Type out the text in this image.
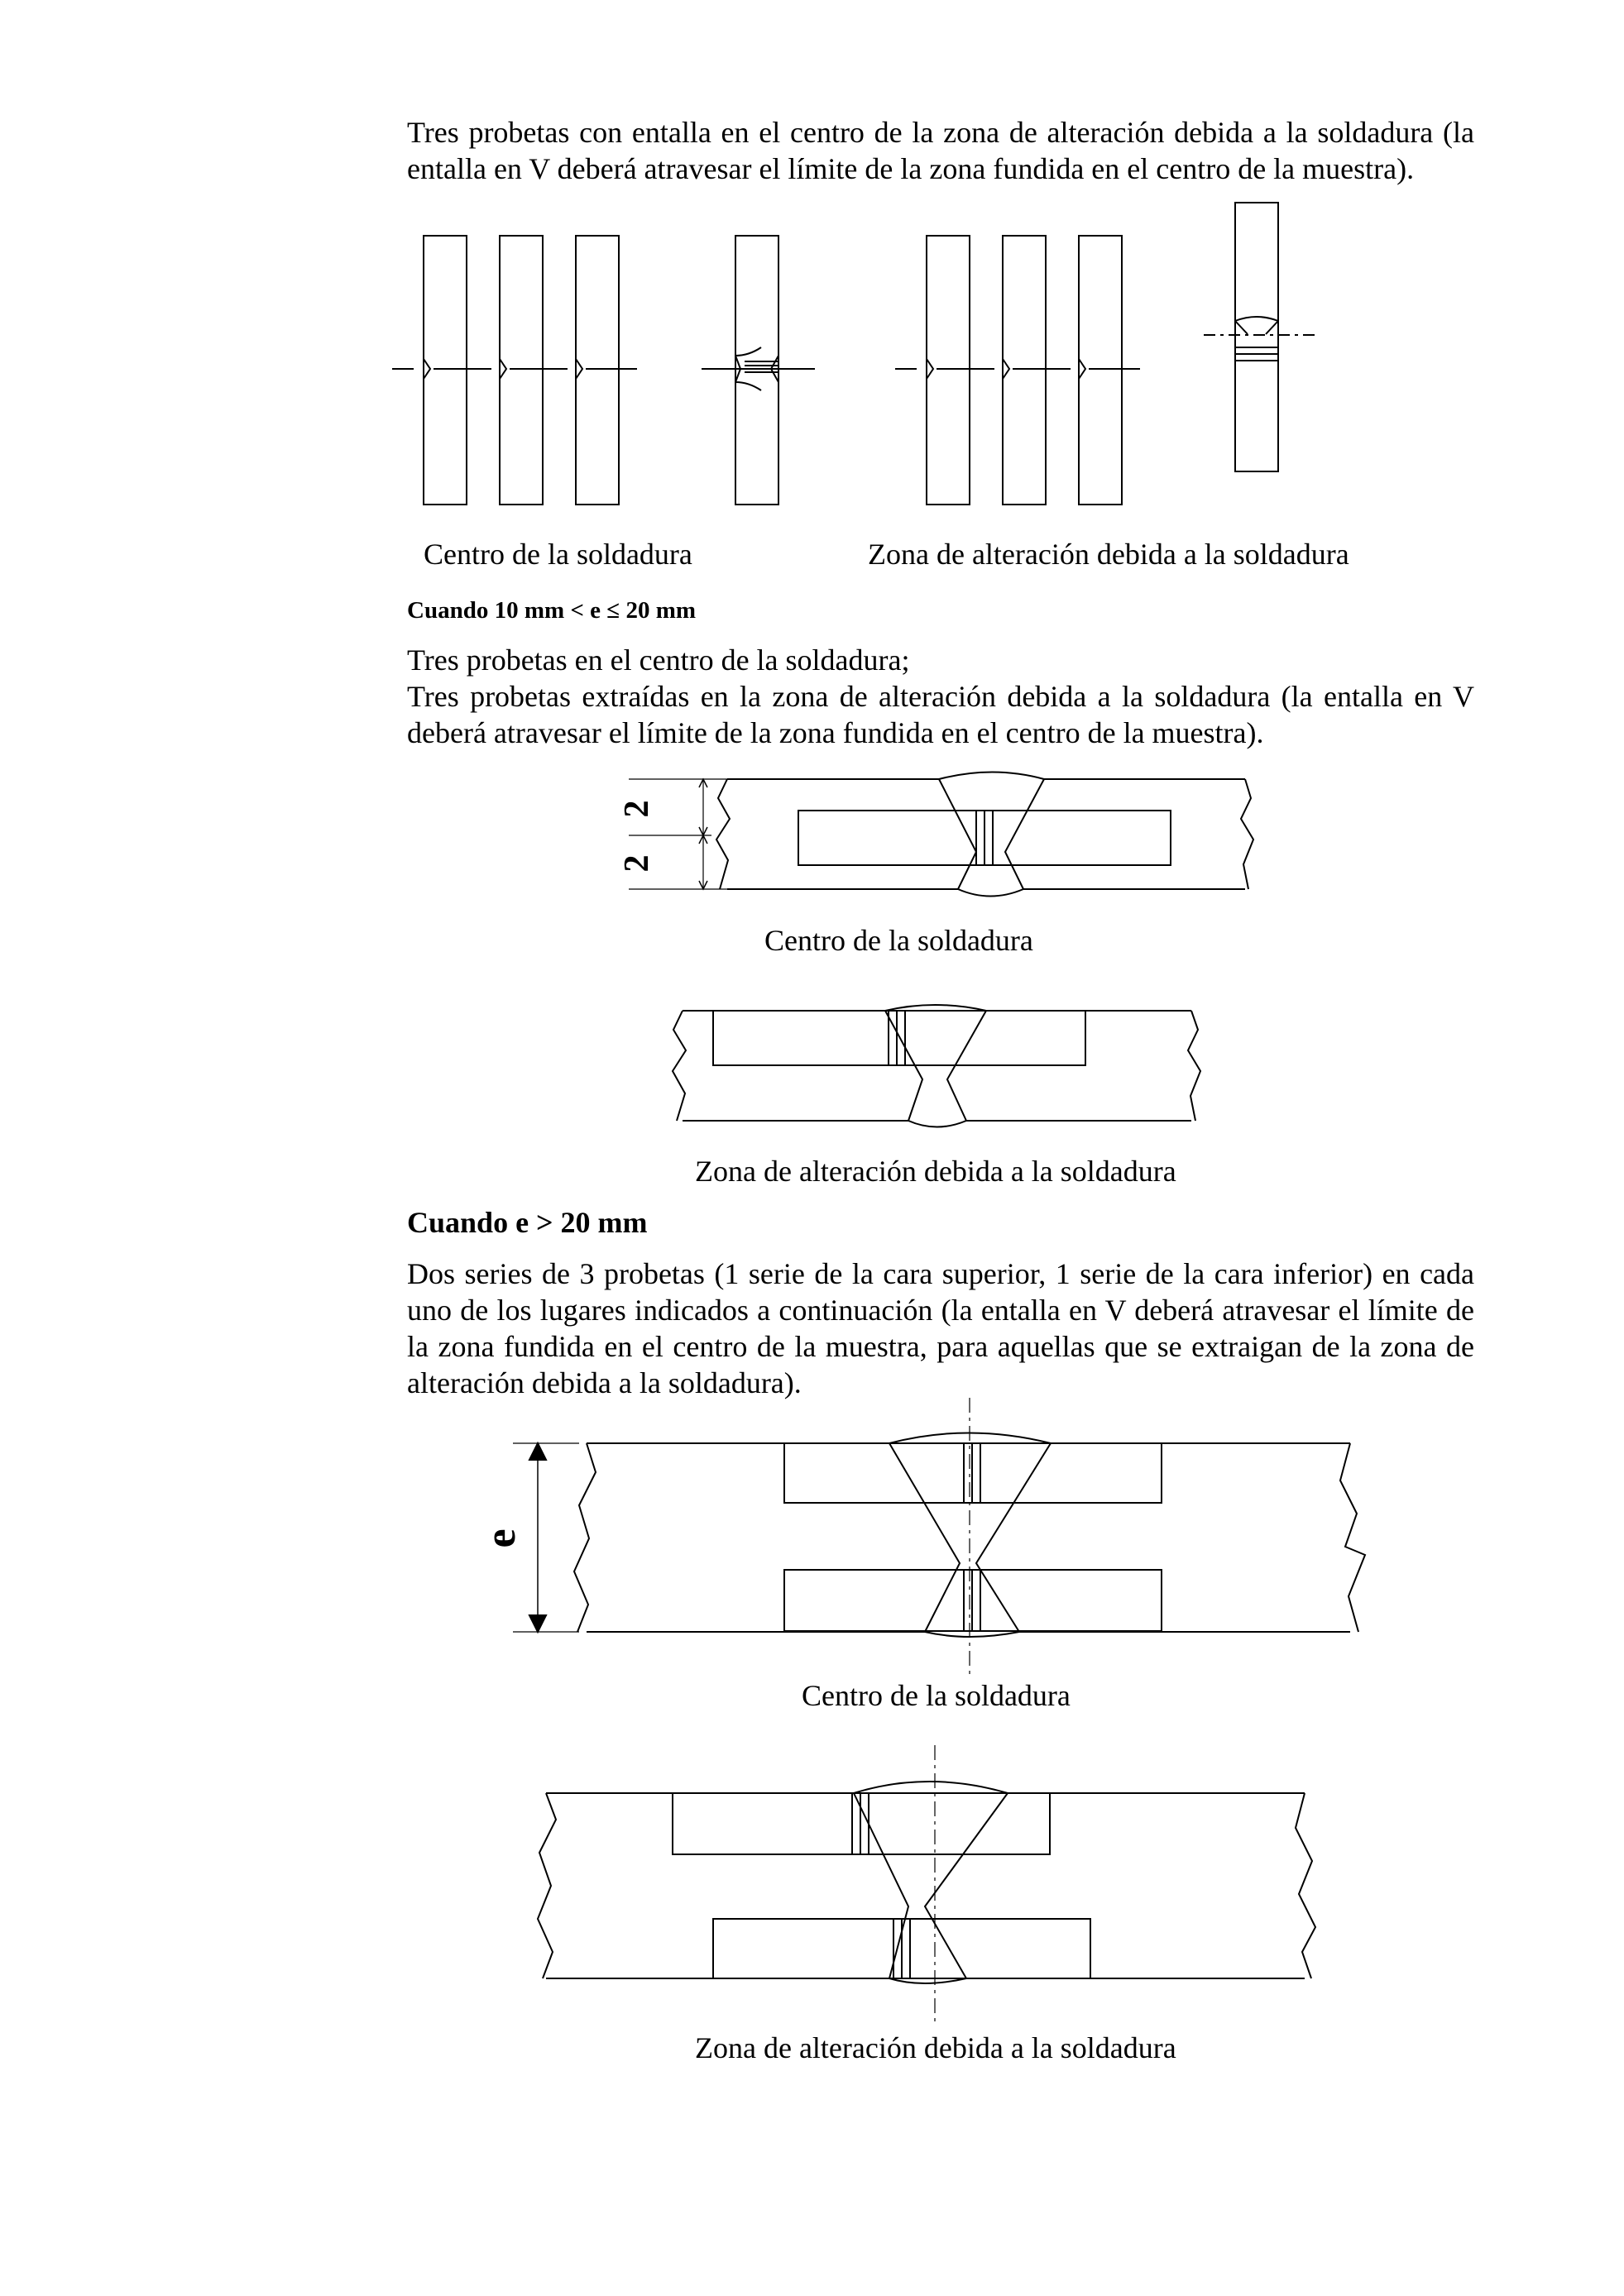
Tres probetas con entalla en el centro de la zona de alteración debida a la soldadura (la entalla en V deberá atravesar el límite de la zona fundida en el centro de la muestra).
Centro de la soldadura	Zona de alteración debida a la soldadura
Cuando 10 mm < e ≤ 20 mm
Tres probetas en el centro de la soldadura;
Tres probetas extraídas en la zona de alteración debida a la soldadura (la entalla en V deberá atravesar el límite de la zona fundida en el centro de la muestra).
2
2
Centro de la soldadura
Zona de alteración debida a la soldadura
Cuando e > 20 mm
Dos series de 3 probetas (1 serie de la cara superior, 1 serie de la cara inferior) en cada uno de los lugares indicados a continuación (la entalla en V deberá atravesar el límite de la zona fundida en el centro de la muestra, para aquellas que se extraigan de la zona de alteración debida a la soldadura).
e
Centro de la soldadura
Zona de alteración debida a la soldadura
